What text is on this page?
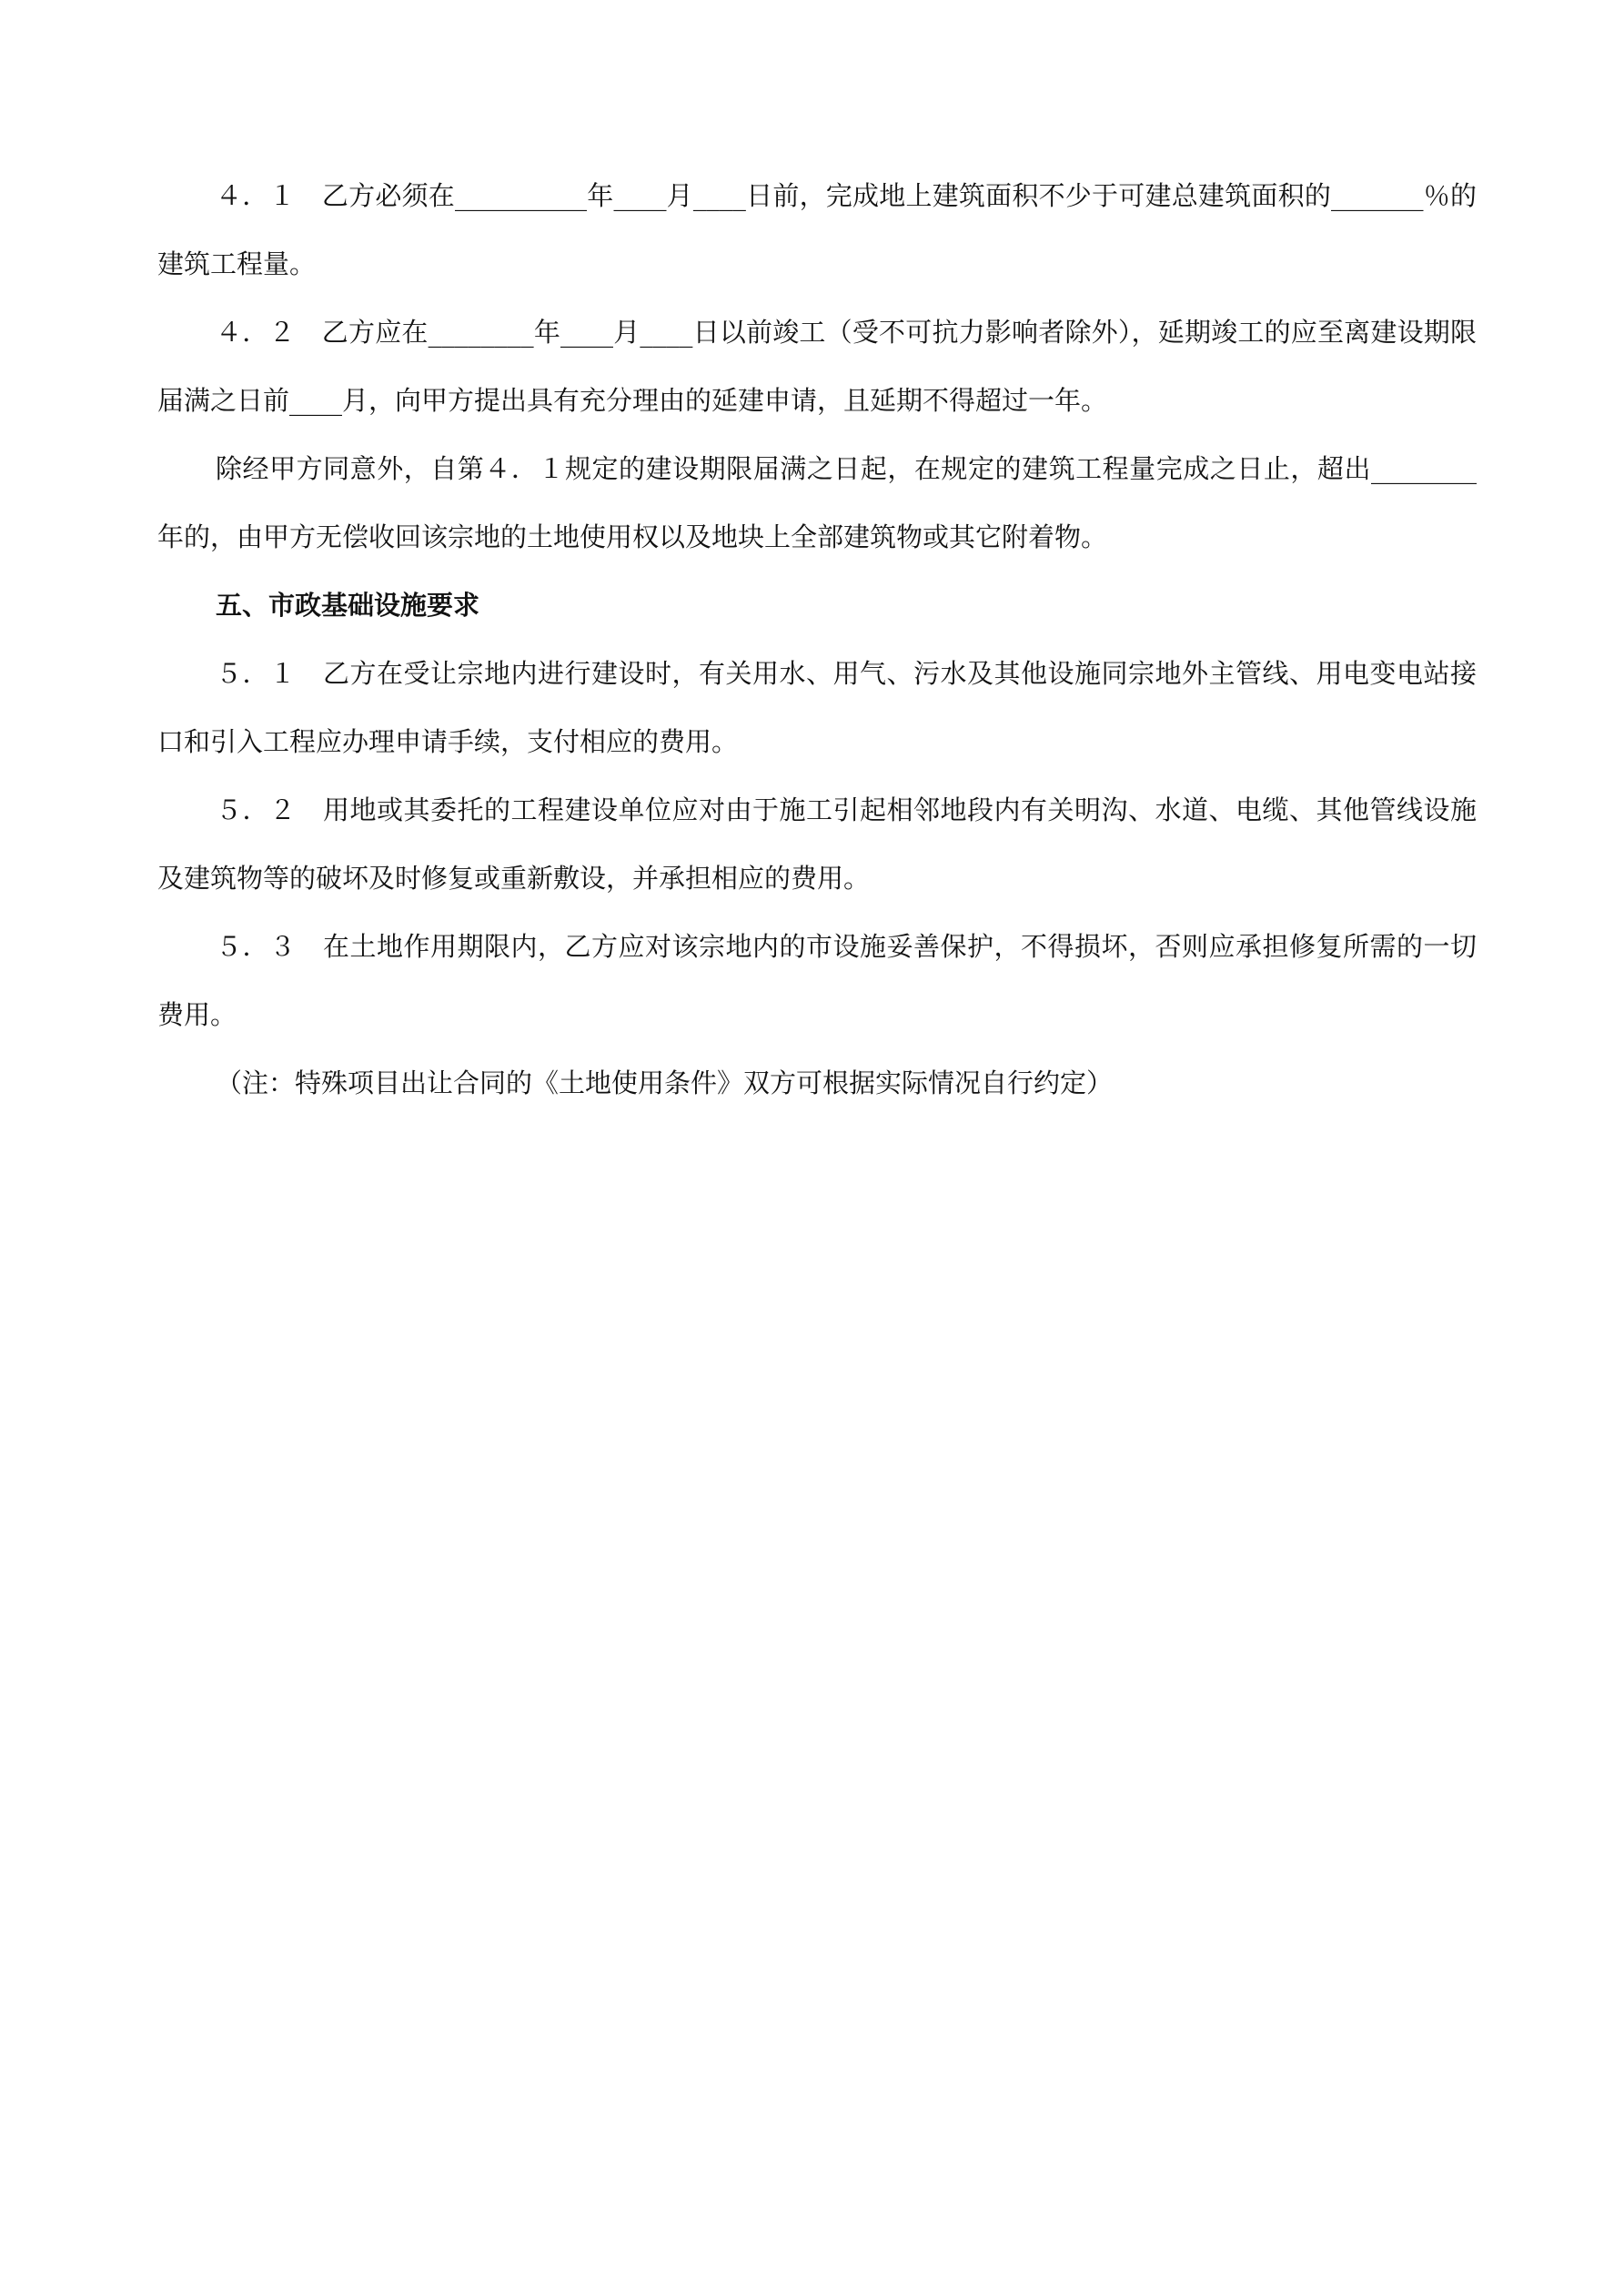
４．１　乙方必须在__________年____月____日前，完成地上建筑面积不少于可建总建筑面积的_______％的建筑工程量。

４．２　乙方应在________年____月____日以前竣工（受不可抗力影响者除外），延期竣工的应至离建设期限届满之日前____月，向甲方提出具有充分理由的延建申请，且延期不得超过一年。

除经甲方同意外，自第４．１规定的建设期限届满之日起，在规定的建筑工程量完成之日止，超出________年的，由甲方无偿收回该宗地的土地使用权以及地块上全部建筑物或其它附着物。

五、市政基础设施要求

５．１　乙方在受让宗地内进行建设时，有关用水、用气、污水及其他设施同宗地外主管线、用电变电站接口和引入工程应办理申请手续，支付相应的费用。

５．２　用地或其委托的工程建设单位应对由于施工引起相邻地段内有关明沟、水道、电缆、其他管线设施及建筑物等的破坏及时修复或重新敷设，并承担相应的费用。

５．３　在土地作用期限内，乙方应对该宗地内的市设施妥善保护，不得损坏，否则应承担修复所需的一切费用。

（注：特殊项目出让合同的《土地使用条件》双方可根据实际情况自行约定）
